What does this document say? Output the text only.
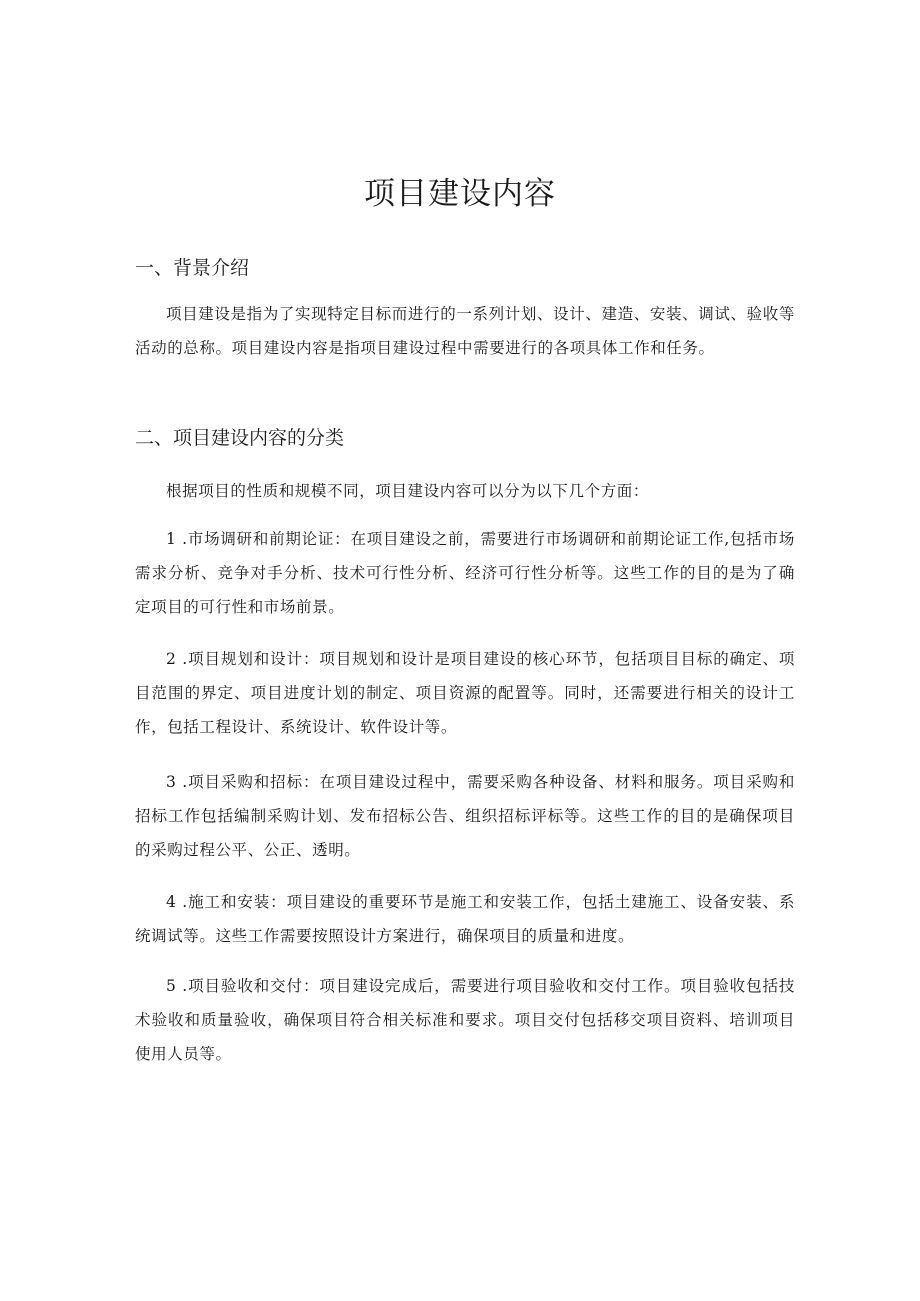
项目建设内容
一、背景介绍

项目建设是指为了实现特定目标而进行的一系列计划、设计、建造、安装、调试、验收等活动的总称。项目建设内容是指项目建设过程中需要进行的各项具体工作和任务。

二、项目建设内容的分类

根据项目的性质和规模不同，项目建设内容可以分为以下几个方面：

1 .市场调研和前期论证：在项目建设之前，需要进行市场调研和前期论证工作,包括市场需求分析、竞争对手分析、技术可行性分析、经济可行性分析等。这些工作的目的是为了确定项目的可行性和市场前景。

2 .项目规划和设计：项目规划和设计是项目建设的核心环节，包括项目目标的确定、项目范围的界定、项目进度计划的制定、项目资源的配置等。同时，还需要进行相关的设计工作，包括工程设计、系统设计、软件设计等。

3 .项目采购和招标：在项目建设过程中，需要采购各种设备、材料和服务。项目采购和招标工作包括编制采购计划、发布招标公告、组织招标评标等。这些工作的目的是确保项目的采购过程公平、公正、透明。

4 .施工和安装：项目建设的重要环节是施工和安装工作，包括土建施工、设备安装、系统调试等。这些工作需要按照设计方案进行，确保项目的质量和进度。

5 .项目验收和交付：项目建设完成后，需要进行项目验收和交付工作。项目验收包括技术验收和质量验收，确保项目符合相关标准和要求。项目交付包括移交项目资料、培训项目使用人员等。
